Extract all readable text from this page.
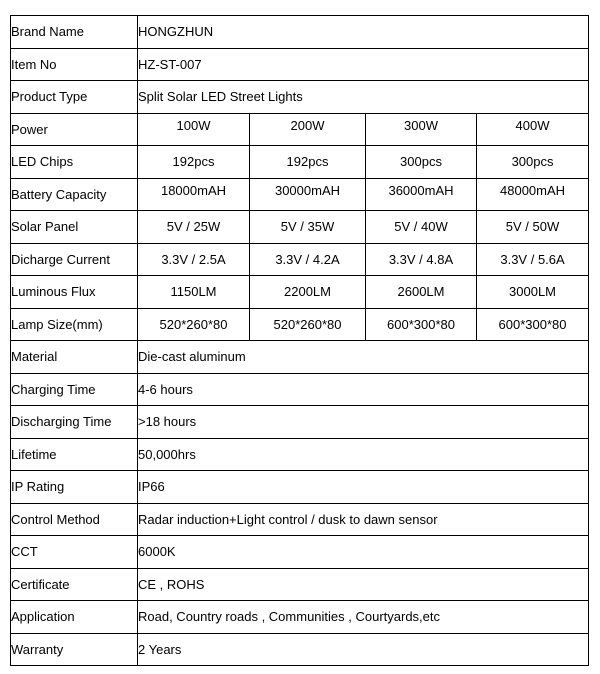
Brand Name	HONGZHUN			
Item No	HZ-ST-007			
Product Type	Split Solar LED Street Lights			
Power	100W	200W	300W	400W
LED Chips	192pcs	192pcs	300pcs	300pcs
Battery Capacity	18000mAH	30000mAH	36000mAH	48000mAH
Solar Panel	5V / 25W	5V / 35W	5V / 40W	5V / 50W
Dicharge Current	3.3V / 2.5A	3.3V / 4.2A	3.3V / 4.8A	3.3V / 5.6A
Luminous Flux	1150LM	2200LM	2600LM	3000LM
Lamp Size(mm)	520*260*80	520*260*80	600*300*80	600*300*80
Material	Die-cast aluminum			
Charging Time	4-6 hours			
Discharging Time	>18 hours			
Lifetime	50,000hrs			
IP Rating	IP66			
Control Method	Radar induction+Light control / dusk to dawn sensor			
CCT	6000K			
Certificate	CE , ROHS			
Application	Road, Country roads , Communities , Courtyards,etc			
Warranty	2 Years			
